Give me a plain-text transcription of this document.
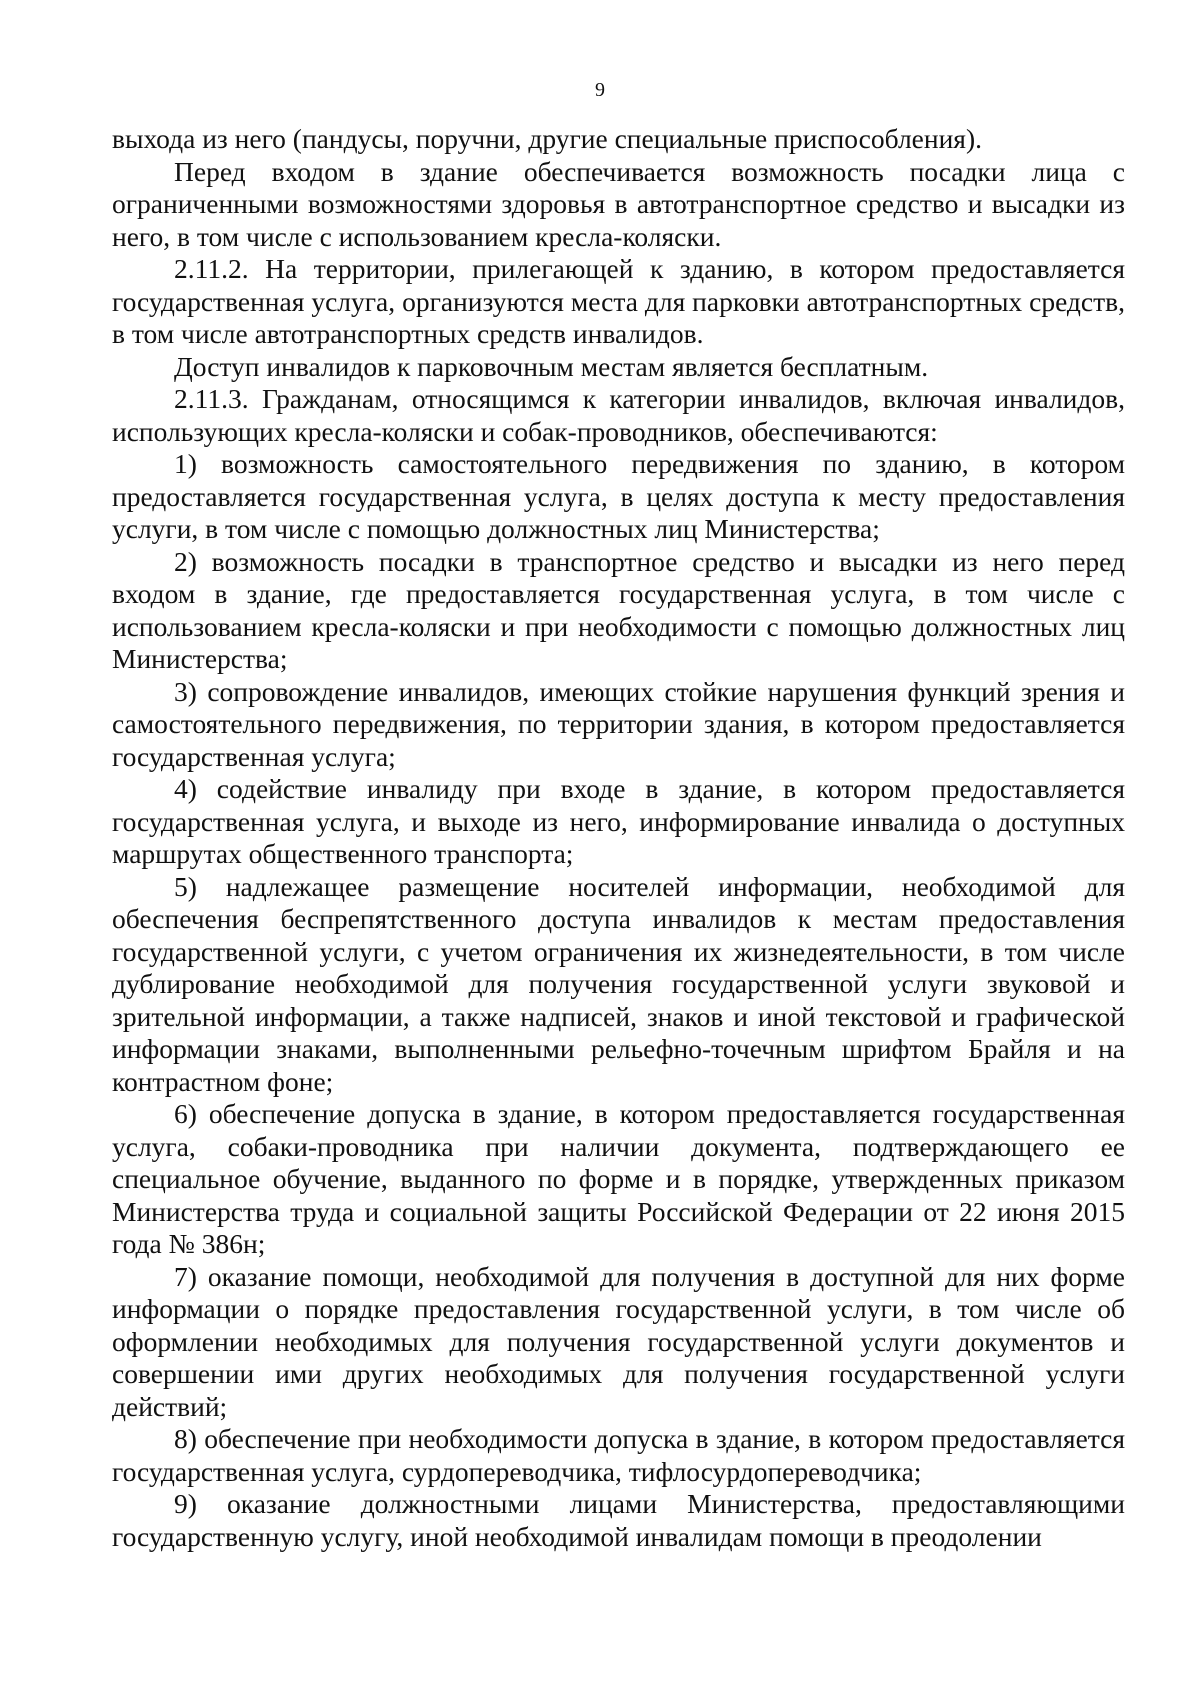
9

выхода из него (пандусы, поручни, другие специальные приспособления).

Перед входом в здание обеспечивается возможность посадки лица с ограниченными возможностями здоровья в автотранспортное средство и высадки из него, в том числе с использованием кресла-коляски.

2.11.2. На территории, прилегающей к зданию, в котором предоставляется государственная услуга, организуются места для парковки автотранспортных средств, в том числе автотранспортных средств инвалидов.

Доступ инвалидов к парковочным местам является бесплатным.

2.11.3. Гражданам, относящимся к категории инвалидов, включая инвалидов, использующих кресла-коляски и собак-проводников, обеспечиваются:

1) возможность самостоятельного передвижения по зданию, в котором предоставляется государственная услуга, в целях доступа к месту предоставления услуги, в том числе с помощью должностных лиц Министерства;

2) возможность посадки в транспортное средство и высадки из него перед входом в здание, где предоставляется государственная услуга, в том числе с использованием кресла-коляски и при необходимости с помощью должностных лиц Министерства;

3) сопровождение инвалидов, имеющих стойкие нарушения функций зрения и самостоятельного передвижения, по территории здания, в котором предоставляется государственная услуга;

4) содействие инвалиду при входе в здание, в котором предоставляется государственная услуга, и выходе из него, информирование инвалида о доступных маршрутах общественного транспорта;

5) надлежащее размещение носителей информации, необходимой для обеспечения беспрепятственного доступа инвалидов к местам предоставления государственной услуги, с учетом ограничения их жизнедеятельности, в том числе дублирование необходимой для получения государственной услуги звуковой и зрительной информации, а также надписей, знаков и иной текстовой и графической информации знаками, выполненными рельефно-точечным шрифтом Брайля и на контрастном фоне;

6) обеспечение допуска в здание, в котором предоставляется государственная услуга, собаки-проводника при наличии документа, подтверждающего ее специальное обучение, выданного по форме и в порядке, утвержденных приказом Министерства труда и социальной защиты Российской Федерации от 22 июня 2015 года № 386н;

7) оказание помощи, необходимой для получения в доступной для них форме информации о порядке предоставления государственной услуги, в том числе об оформлении необходимых для получения государственной услуги документов и совершении ими других необходимых для получения государственной услуги действий;

8) обеспечение при необходимости допуска в здание, в котором предоставляется государственная услуга, сурдопереводчика, тифлосурдопереводчика;

9) оказание должностными лицами Министерства, предоставляющими государственную услугу, иной необходимой инвалидам помощи в преодолении
